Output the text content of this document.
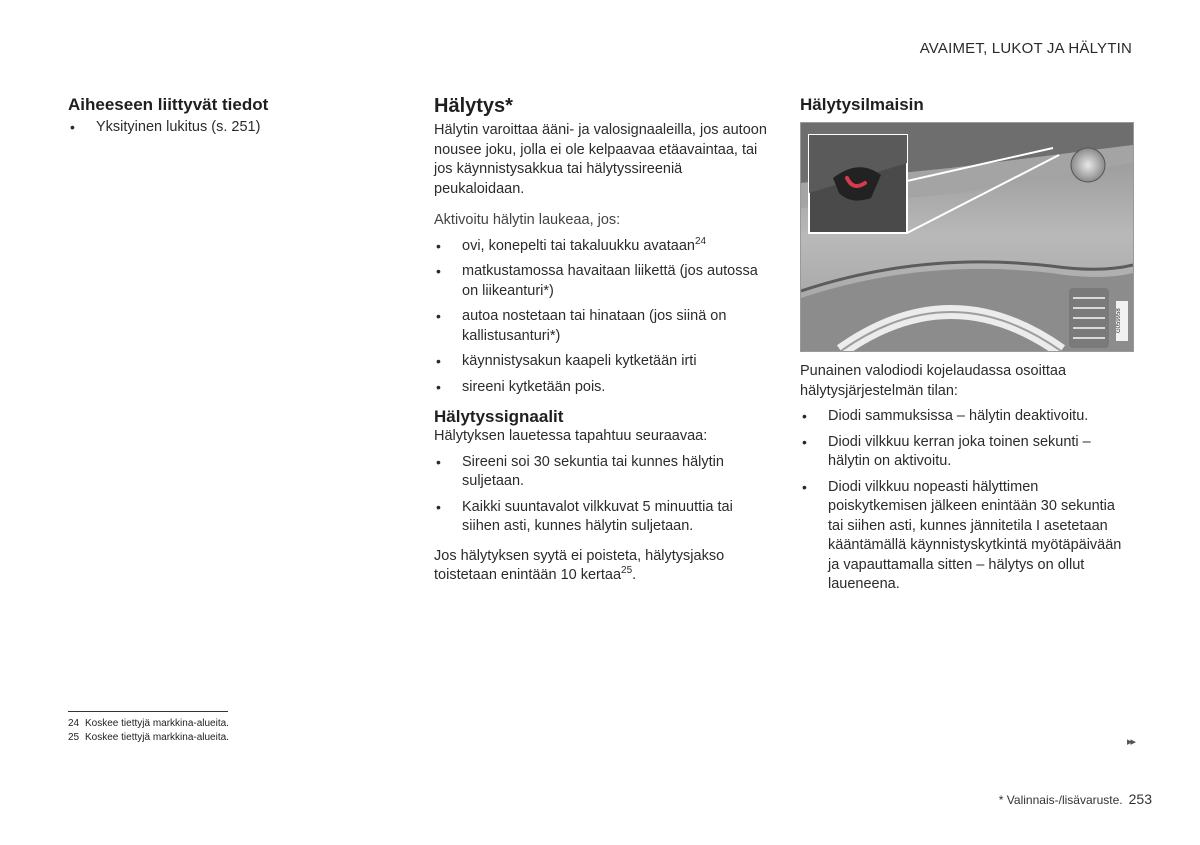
AVAIMET, LUKOT JA HÄLYTIN
Aiheeseen liittyvät tiedot
• Yksityinen lukitus (s. 251)
Hälytys*

Hälytin varoittaa ääni- ja valosignaaleilla, jos autoon nousee joku, jolla ei ole kelpaavaa etäavaintaa, tai jos käynnistysakkua tai hälytyssireeniä peukaloidaan.

Aktivoitu hälytin laukeaa, jos:

• ovi, konepelti tai takaluukku avataan$^{24}$
• matkustamossa havaitaan liikettä (jos autossa on liikeanturi*)
• autoa nostetaan tai hinataan (jos siinä on kallistusanturi*)
• käynnistysakun kaapeli kytketään irti
• sireeni kytketään pois.
Hälytyssignaalit

Hälytyksen lauetessa tapahtuu seuraavaa:

• Sireeni soi 30 sekuntia tai kunnes hälytin suljetaan.
• Kaikki suuntavalot vilkkuvat 5 minuuttia tai siihen asti, kunnes hälytin suljetaan.

Jos hälytyksen syytä ei poisteta, hälytysjakso toistetaan enintään 10 kertaa$^{25}$.

Hälytysilmaisin
G059958

Punainen valodiodi kojelaudassa osoittaa hälytysjärjestelmän tilan:

• Diodi sammuksissa – hälytin deaktivoitu.
• Diodi vilkkuu kerran joka toinen sekunti – hälytin on aktivoitu.
• Diodi vilkkuu nopeasti hälyttimen poiskytkemisen jälkeen enintään 30 sekuntia tai siihen asti, kunnes jännitetila I asetetaan kääntämällä käynnistyskytkintä myötäpäivään ja vapauttamalla sitten – hälytys on ollut laueneena.
24 Koskee tiettyjä markkina-alueita.
25 Koskee tiettyjä markkina-alueita.	▸▸
* Valinnais-/lisävaruste. 253
